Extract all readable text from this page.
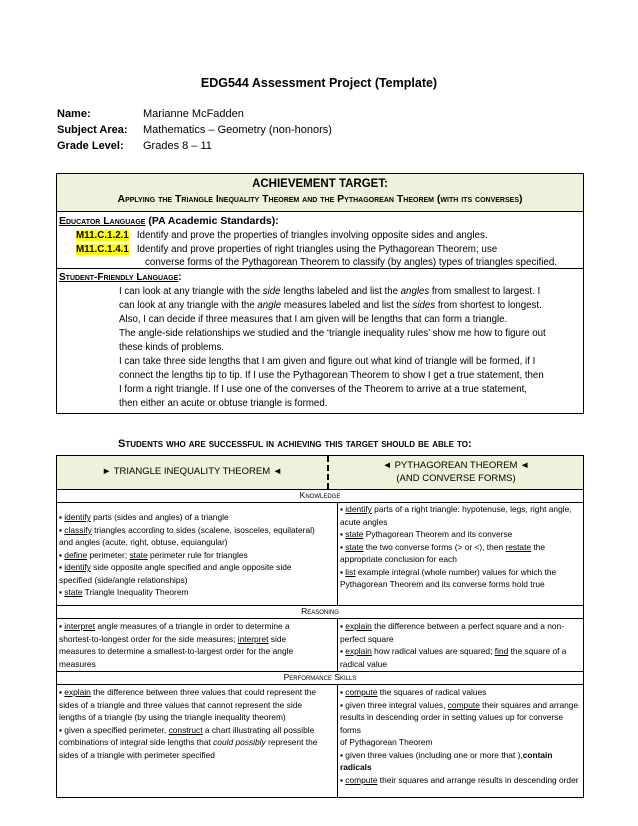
EDG544 Assessment Project (Template)
Name:	Marianne McFadden
Subject Area: Mathematics – Geometry (non-honors)
Grade Level: Grades 8 – 11
ACHIEVEMENT TARGET:
Applying the Triangle Inequality Theorem and the Pythagorean Theorem (with its converses)
Educator Language (PA Academic Standards):
M11.C.1.2.1 Identify and prove the properties of triangles involving opposite sides and angles.
M11.C.1.4.1 Identify and prove properties of right triangles using the Pythagorean Theorem; use
converse forms of the Pythagorean Theorem to classify (by angles) types of triangles specified.
Student-Friendly Language:
I can look at any triangle with the side lengths labeled and list the angles from smallest to largest. I
can look at any triangle with the angle measures labeled and list the sides from shortest to longest.
Also, I can decide if three measures that I am given will be lengths that can form a triangle.
The angle-side relationships we studied and the ‘triangle inequality rules’ show me how to figure out
these kinds of problems.
I can take three side lengths that I am given and figure out what kind of triangle will be formed, if I
connect the lengths tip to tip. If I use the Pythagorean Theorem to show I get a true statement, then
I form a right triangle. If I use one of the converses of the Theorem to arrive at a true statement,
then either an acute or obtuse triangle is formed.
Students who are successful in achieving this target should be able to:
► TRIANGLE INEQUALITY THEOREM ◄
◄ PYTHAGOREAN THEOREM ◄
(AND CONVERSE FORMS)
Knowledge

▪ identify parts (sides and angles) of a triangle

▪ classify triangles according to sides (scalene, isosceles, equilateral)

and angles (acute, right, obtuse, equiangular)

▪ define perimeter; state perimeter rule for triangles

▪ identify side opposite angle specified and angle opposite side

specified (side/angle relationships)

▪ state Triangle Inequality Theorem

▪ identify parts of a right triangle: hypotenuse, legs, right angle,

acute angles

▪ state Pythagorean Theorem and its converse

▪ state the two converse forms (> or <), then restate the

appropriate conclusion for each

▪ list example integral (whole number) values for which the

Pythagorean Theorem and its converse forms hold true

Reasoning

▪ interpret angle measures of a triangle in order to determine a

shortest-to-longest order for the side measures; interpret side

measures to determine a smallest-to-largest order for the angle

measures

▪ explain the difference between a perfect square and a non-

perfect square

▪ explain how radical values are squared; find the square of a

radical value

Performance Skills

▪ explain the difference between three values that could represent the

sides of a triangle and three values that cannot represent the side

lengths of a triangle (by using the triangle inequality theorem)

▪ given a specified perimeter, construct a chart illustrating all possible

combinations of integral side lengths that could possibly represent the

sides of a triangle with perimeter specified

▪ compute the squares of radical values

▪ given three integral values, compute their squares and arrange

results in descending order in setting values up for converse forms

of Pythagorean Theorem

▪ given three values (including one or more that ),contain radicals

▪ compute their squares and arrange results in descending order
